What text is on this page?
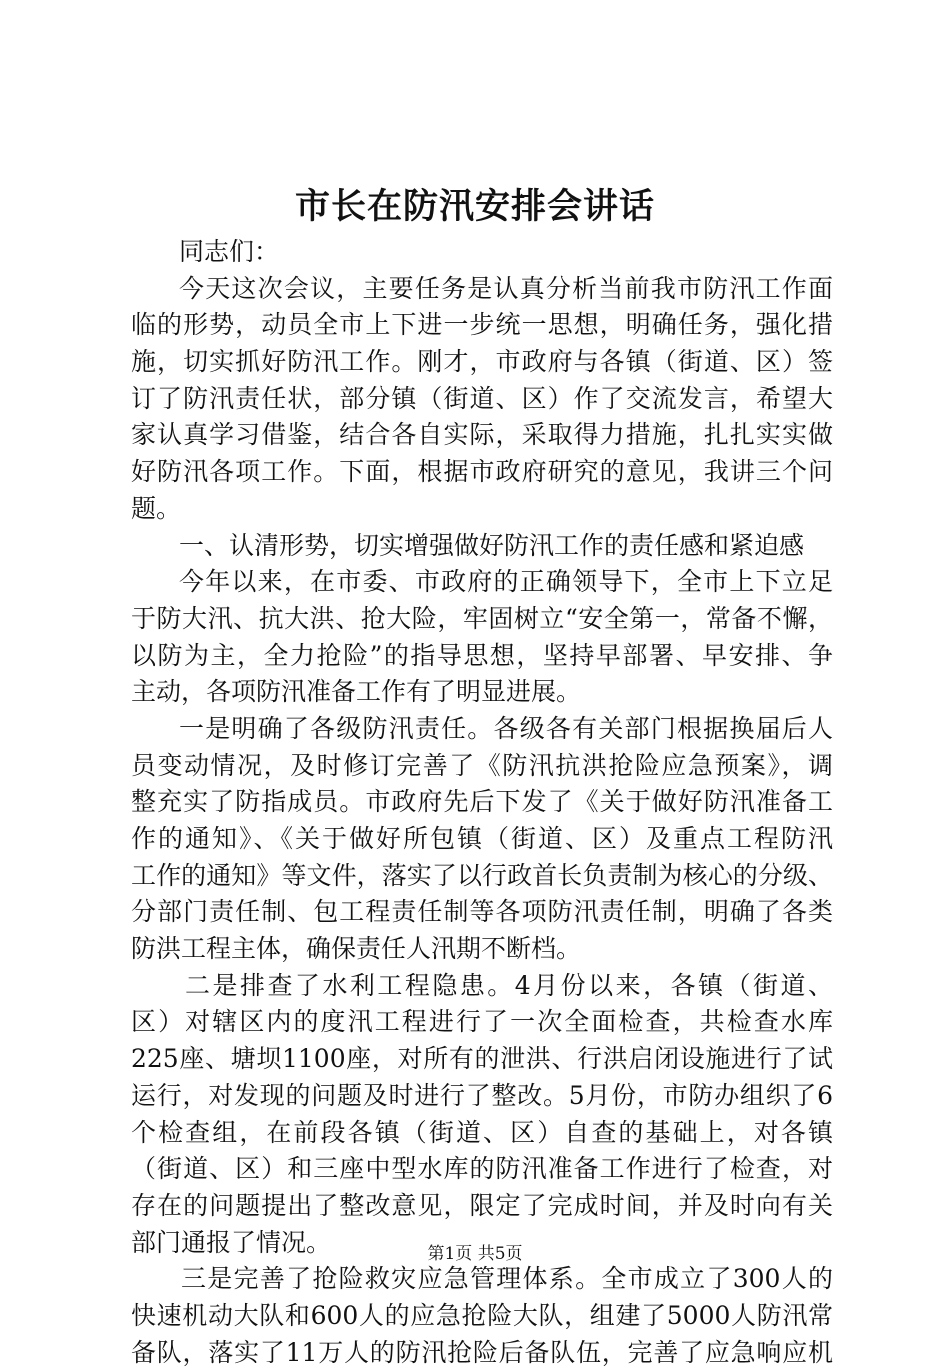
市长在防汛安排会讲话
同志们：
今天这次会议，主要任务是认真分析当前我市防汛工作面
临的形势，动员全市上下进一步统一思想，明确任务，强化措
施，切实抓好防汛工作。刚才，市政府与各镇（街道、区）签
订了防汛责任状，部分镇（街道、区）作了交流发言，希望大
家认真学习借鉴，结合各自实际，采取得力措施，扎扎实实做
好防汛各项工作。下面，根据市政府研究的意见，我讲三个问
题。
一、认清形势，切实增强做好防汛工作的责任感和紧迫感
今年以来，在市委、市政府的正确领导下，全市上下立足
于防大汛、抗大洪、抢大险，牢固树立“安全第一，常备不懈，
以防为主，全力抢险”的指导思想，坚持早部署、早安排、争
主动，各项防汛准备工作有了明显进展。
一是明确了各级防汛责任。各级各有关部门根据换届后人
员变动情况，及时修订完善了《防汛抗洪抢险应急预案》，调
整充实了防指成员。市政府先后下发了《关于做好防汛准备工
作的通知》、《关于做好所包镇（街道、区）及重点工程防汛
工作的通知》等文件，落实了以行政首长负责制为核心的分级、
分部门责任制、包工程责任制等各项防汛责任制，明确了各类
防洪工程主体，确保责任人汛期不断档。
二是排查了水利工程隐患。4月份以来，各镇（街道、
区）对辖区内的度汛工程进行了一次全面检查，共检查水库
225座、塘坝1100座，对所有的泄洪、行洪启闭设施进行了试
运行，对发现的问题及时进行了整改。5月份，市防办组织了6
个检查组，在前段各镇（街道、区）自查的基础上，对各镇
（街道、区）和三座中型水库的防汛准备工作进行了检查，对
存在的问题提出了整改意见，限定了完成时间，并及时向有关
部门通报了情况。
三是完善了抢险救灾应急管理体系。全市成立了300人的
快速机动大队和600人的应急抢险大队，组建了5000人防汛常
备队，落实了11万人的防汛抢险后备队伍，完善了应急响应机
第1页 共5页
